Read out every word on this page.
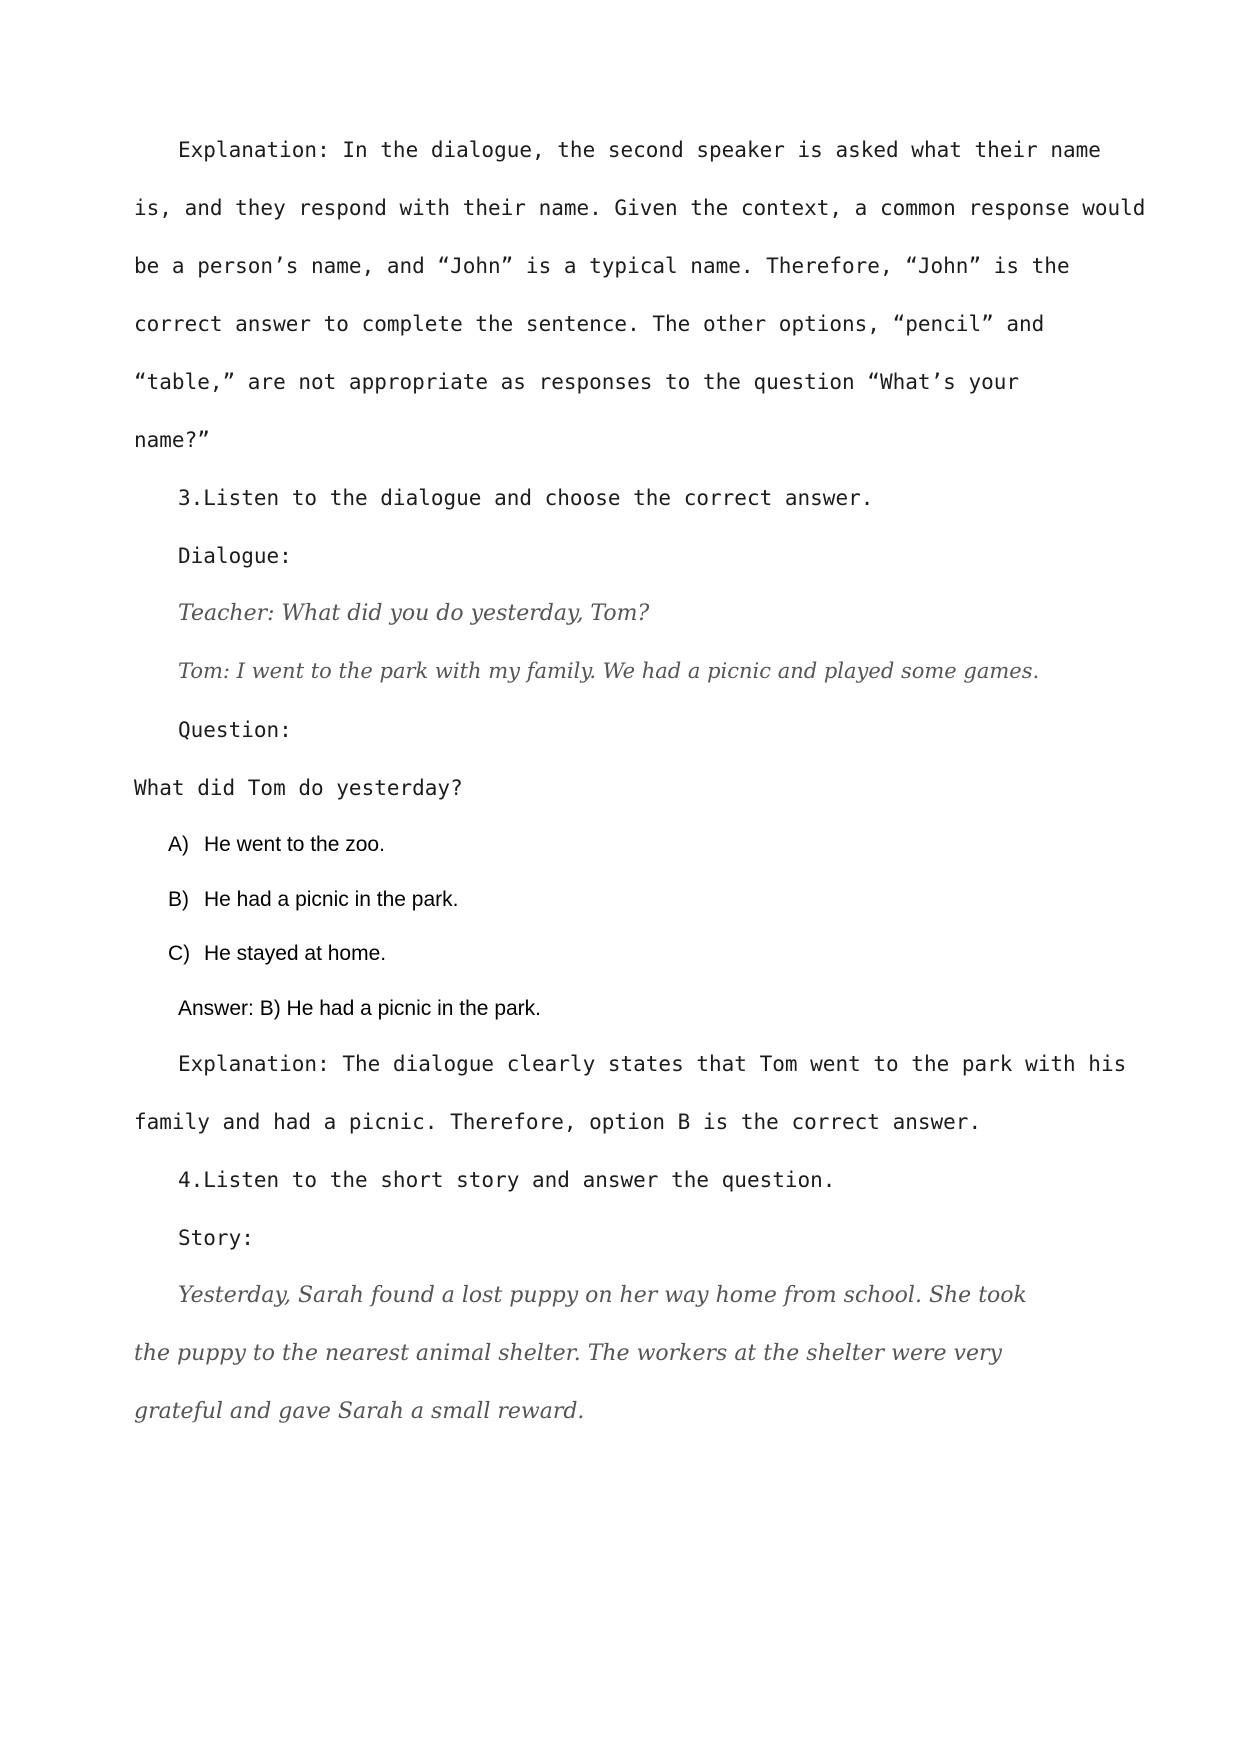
Explanation: In the dialogue, the second speaker is asked what their name

is, and they respond with their name. Given the context, a common response would

be a person’s name, and “John” is a typical name. Therefore, “John” is the

correct answer to complete the sentence. The other options, “pencil” and

“table,” are not appropriate as responses to the question “What’s your

name?”

3.Listen to the dialogue and choose the correct answer.

Dialogue:

Teacher: What did you do yesterday, Tom?

Tom: I went to the park with my family. We had a picnic and played some games.

Question:

What did Tom do yesterday?

A) He went to the zoo.

B) He had a picnic in the park.

C) He stayed at home.

Answer: B) He had a picnic in the park.

Explanation: The dialogue clearly states that Tom went to the park with his

family and had a picnic. Therefore, option B is the correct answer.

4.Listen to the short story and answer the question.

Story:

Yesterday, Sarah found a lost puppy on her way home from school. She took

the puppy to the nearest animal shelter. The workers at the shelter were very

grateful and gave Sarah a small reward.
